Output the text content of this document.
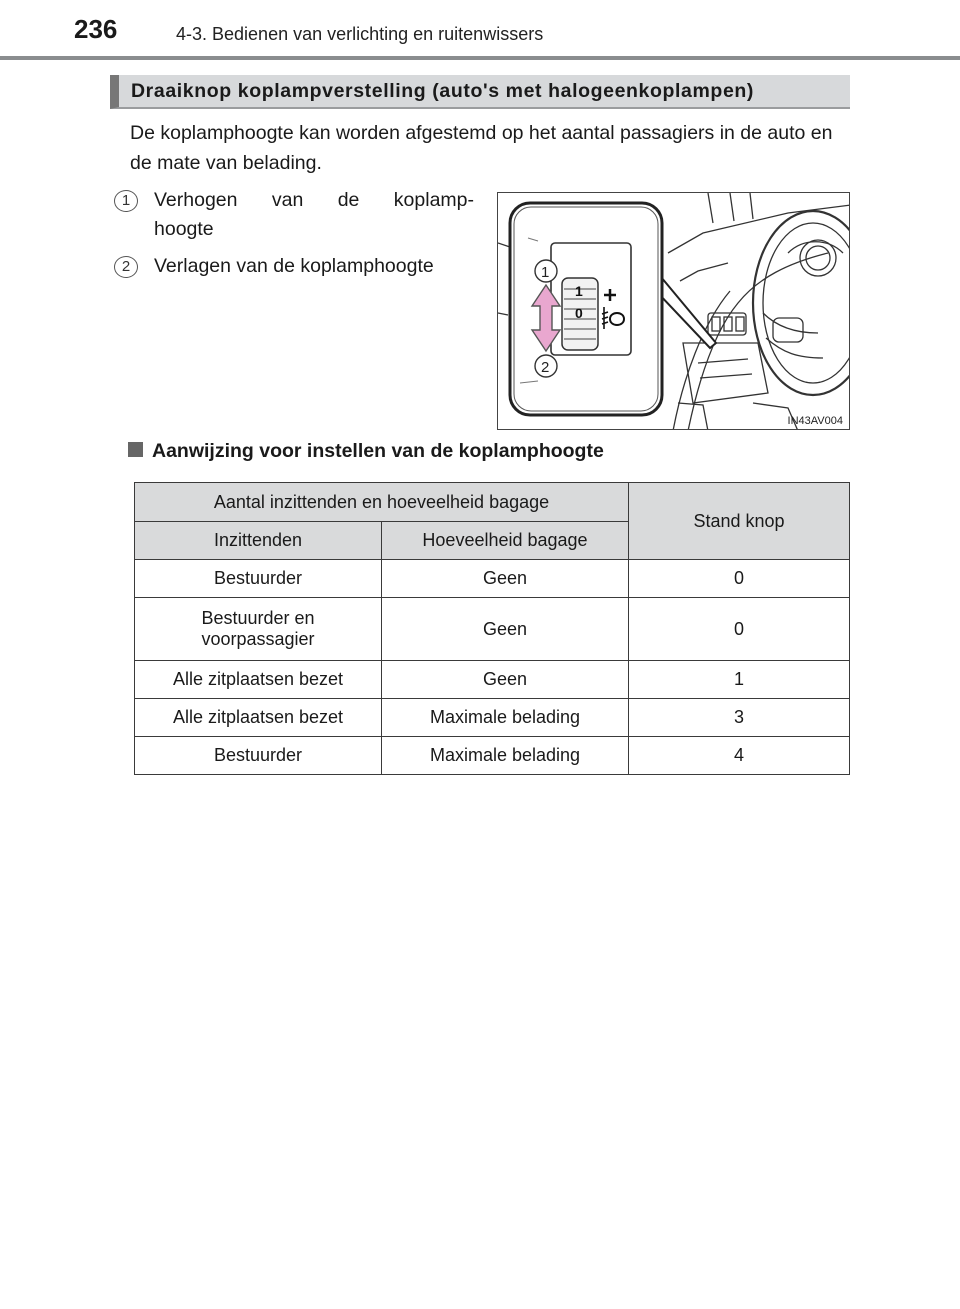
236	4-3. Bedienen van verlichting en ruitenwissers
Draaiknop koplampverstelling (auto's met halogeenkoplampen)
De koplamphoogte kan worden afgestemd op het aantal passagiers in de auto en de mate van belading.
1	Verhogen van de koplamp-
hoogte
2	Verlagen van de koplamphoogte
1
0
1
2
IN43AV004
Aanwijzing voor instellen van de koplamphoogte
Aantal inzittenden en hoeveelheid bagage		Stand knop
Inzittenden	Hoeveelheid bagage	
Bestuurder	Geen	0
Bestuurder en voorpassagier	Geen	0
Alle zitplaatsen bezet	Geen	1
Alle zitplaatsen bezet	Maximale belading	3
Bestuurder	Maximale belading	4
